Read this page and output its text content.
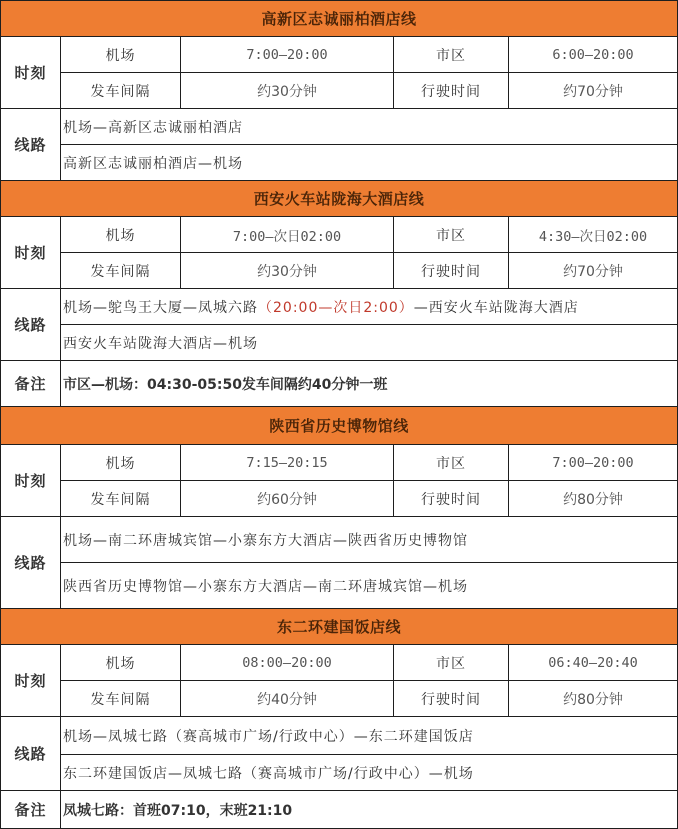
高新区志诚丽柏酒店线				
时刻	机场	7:00—20:00	市区	6:00—20:00
	发车间隔	约30分钟	行驶时间	约70分钟
线路	机场—高新区志诚丽柏酒店			
	高新区志诚丽柏酒店—机场			
西安火车站陇海大酒店线				
时刻	机场	7:00—次日02:00	市区	4:30—次日02:00
	发车间隔	约30分钟	行驶时间	约70分钟
线路	机场—鸵鸟王大厦—凤城六路（20:00—次日2:00）—西安火车站陇海大酒店			
	西安火车站陇海大酒店—机场			
备注	市区—机场：04:30-05:50发车间隔约40分钟一班			
陕西省历史博物馆线				
时刻	机场	7:15—20:15	市区	7:00—20:00
	发车间隔	约60分钟	行驶时间	约80分钟
线路	机场—南二环唐城宾馆—小寨东方大酒店—陕西省历史博物馆			
	陕西省历史博物馆—小寨东方大酒店—南二环唐城宾馆—机场			
东二环建国饭店线				
时刻	机场	08:00—20:00	市区	06:40—20:40
	发车间隔	约40分钟	行驶时间	约80分钟
线路	机场—凤城七路（赛高城市广场/行政中心）—东二环建国饭店			
	东二环建国饭店—凤城七路（赛高城市广场/行政中心）—机场			
备注	凤城七路：首班07:10，末班21:10			
